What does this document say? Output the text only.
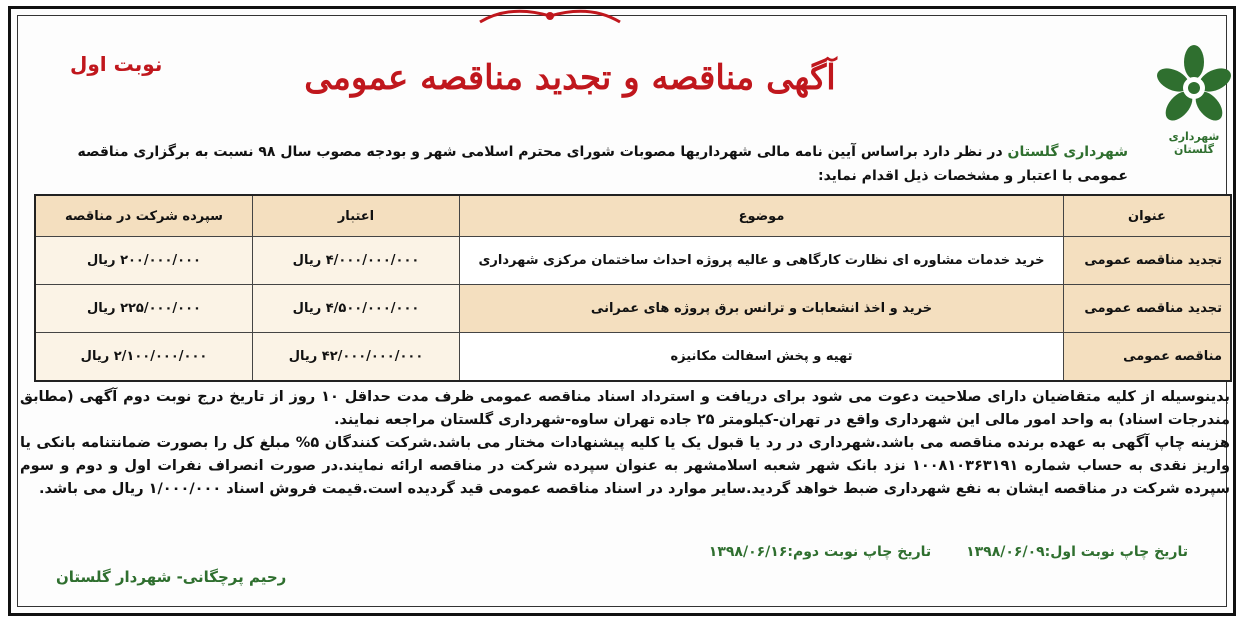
شهرداری گلستان
آگهی مناقصه و تجدید مناقصه عمومی
نوبت اول
شهرداری گلستان در نظر دارد براساس آیین نامه مالی شهرداریها مصوبات شورای محترم اسلامی شهر و بودجه مصوب سال ۹۸ نسبت به برگزاری مناقصه عمومی با اعتبار و مشخصات ذیل اقدام نماید:
عنوان	موضوع	اعتبار	سپرده شرکت در مناقصه
تجدید مناقصه عمومی	خرید خدمات مشاوره ای نظارت کارگاهی و عالیه پروژه احداث ساختمان مرکزی شهرداری	۴/۰۰۰/۰۰۰/۰۰۰ ریال	۲۰۰/۰۰۰/۰۰۰ ریال
تجدید مناقصه عمومی	خرید و اخذ انشعابات و ترانس برق پروژه های عمرانی	۴/۵۰۰/۰۰۰/۰۰۰ ریال	۲۲۵/۰۰۰/۰۰۰ ریال
مناقصه عمومی	تهیه و پخش اسفالت مکانیزه	۴۲/۰۰۰/۰۰۰/۰۰۰ ریال	۲/۱۰۰/۰۰۰/۰۰۰ ریال
بدینوسیله از کلیه متقاضیان دارای صلاحیت دعوت می شود برای دریافت و استرداد اسناد مناقصه عمومی ظرف مدت حداقل ۱۰ روز از تاریخ درج نوبت دوم آگهی (مطابق مندرجات اسناد) به واحد امور مالی این شهرداری واقع در تهران-کیلومتر ۲۵ جاده تهران ساوه-شهرداری گلستان مراجعه نمایند.
هزینه چاپ آگهی به عهده برنده مناقصه می باشد.شهرداری در رد یا قبول یک یا کلیه پیشنهادات مختار می باشد.شرکت کنندگان ۵% مبلغ کل را بصورت ضمانتنامه بانکی یا واریز نقدی به حساب شماره ۱۰۰۸۱۰۳۶۳۱۹۱ نزد بانک شهر شعبه اسلامشهر به عنوان سپرده شرکت در مناقصه ارائه نمایند.در صورت انصراف نفرات اول و دوم و سوم سپرده شرکت در مناقصه ایشان به نفع شهرداری ضبط خواهد گردید.سایر موارد در اسناد مناقصه عمومی قید گردیده است.قیمت فروش اسناد ۱/۰۰۰/۰۰۰ ریال می باشد.
تاریخ چاپ نوبت اول:۱۳۹۸/۰۶/۰۹ تاریخ چاپ نوبت دوم:۱۳۹۸/۰۶/۱۶
رحیم پرچگانی- شهردار گلستان
